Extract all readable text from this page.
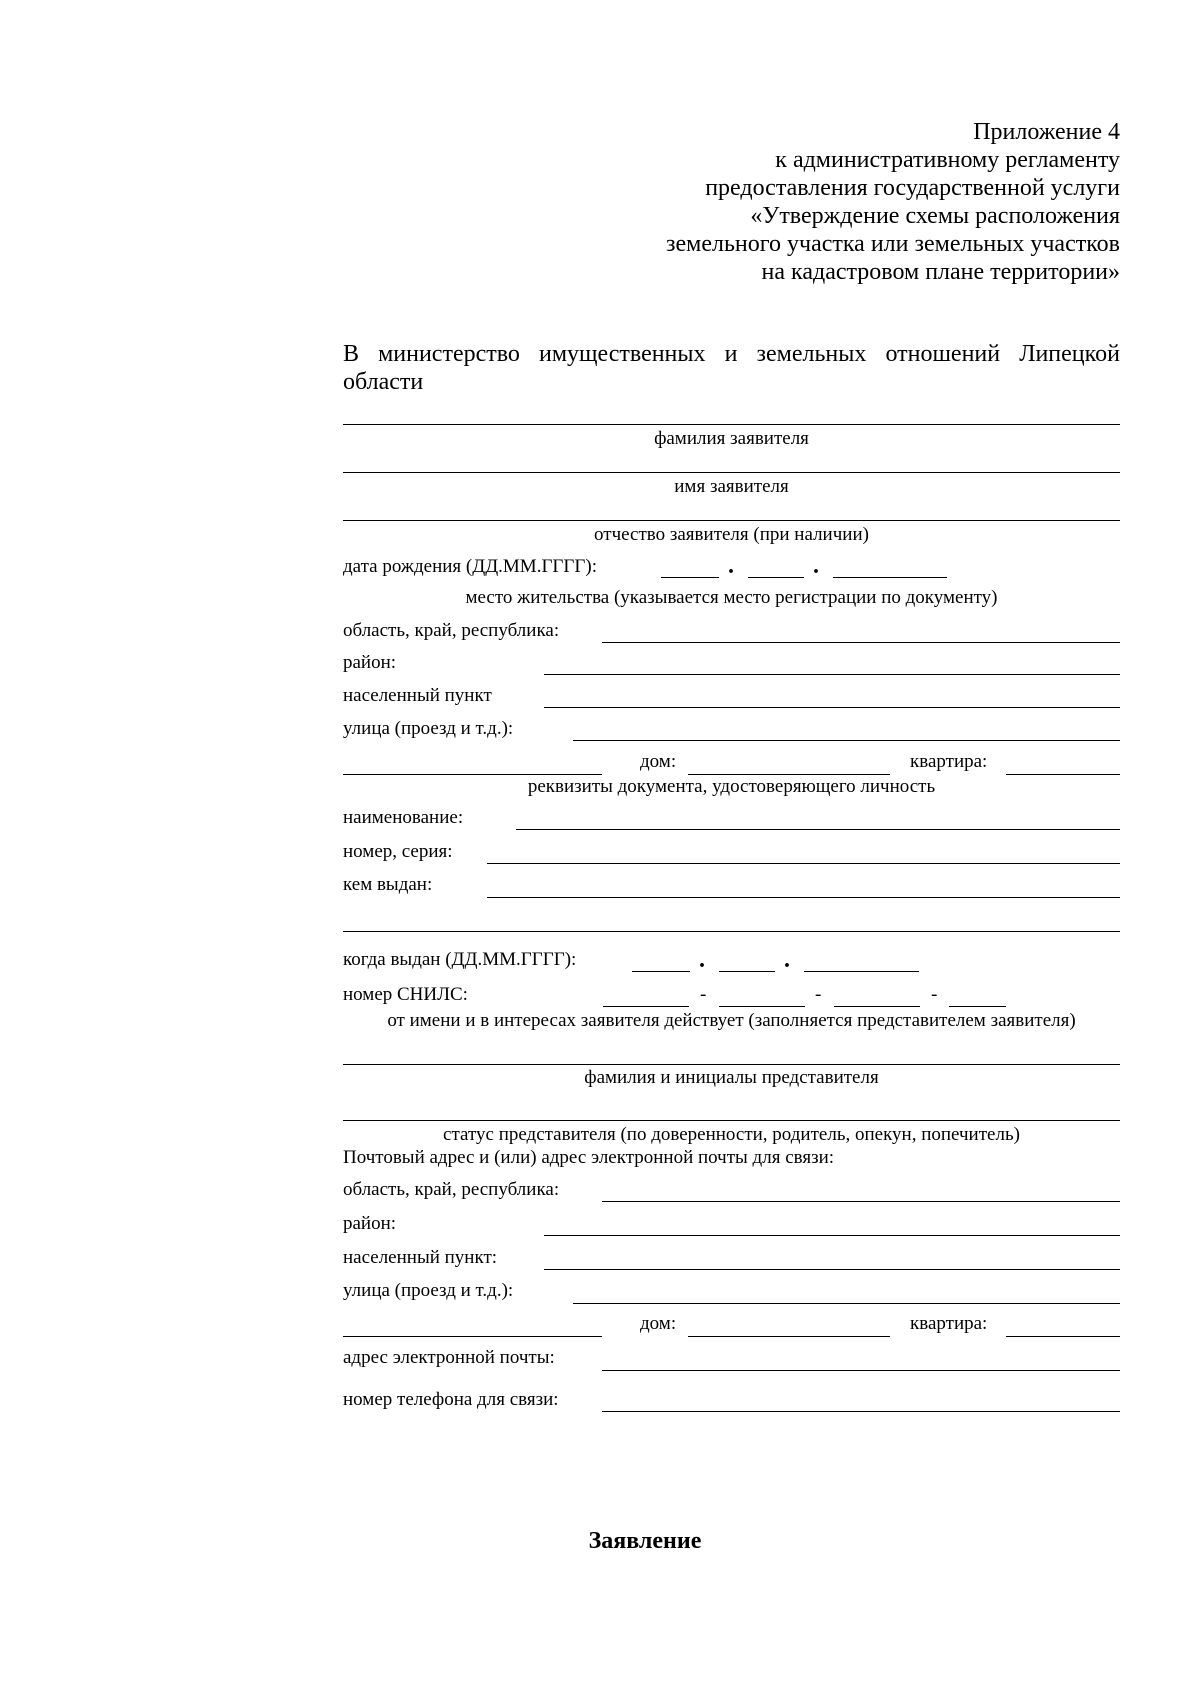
Приложение 4
к административному регламенту
предоставления государственной услуги
«Утверждение схемы расположения
земельного участка или земельных участков
на кадастровом плане территории»
В министерство имущественных и земельных отношений Липецкой
области
фамилия заявителя
имя заявителя
отчество заявителя (при наличии)
дата рождения (ДД.ММ.ГГГГ):	.	.
место жительства (указывается место регистрации по документу)
область, край, республика:
район:
населенный пункт
улица (проезд и т.д.):
дом:	квартира:
реквизиты документа, удостоверяющего личность
наименование:
номер, серия:
кем выдан:
когда выдан (ДД.ММ.ГГГГ):	.	.
номер СНИЛС:	-	-	-
от имени и в интересах заявителя действует (заполняется представителем заявителя)
фамилия и инициалы представителя
статус представителя (по доверенности, родитель, опекун, попечитель)
Почтовый адрес и (или) адрес электронной почты для связи:
область, край, республика:
район:
населенный пункт:
улица (проезд и т.д.):
дом:	квартира:
адрес электронной почты:
номер телефона для связи:
Заявление
